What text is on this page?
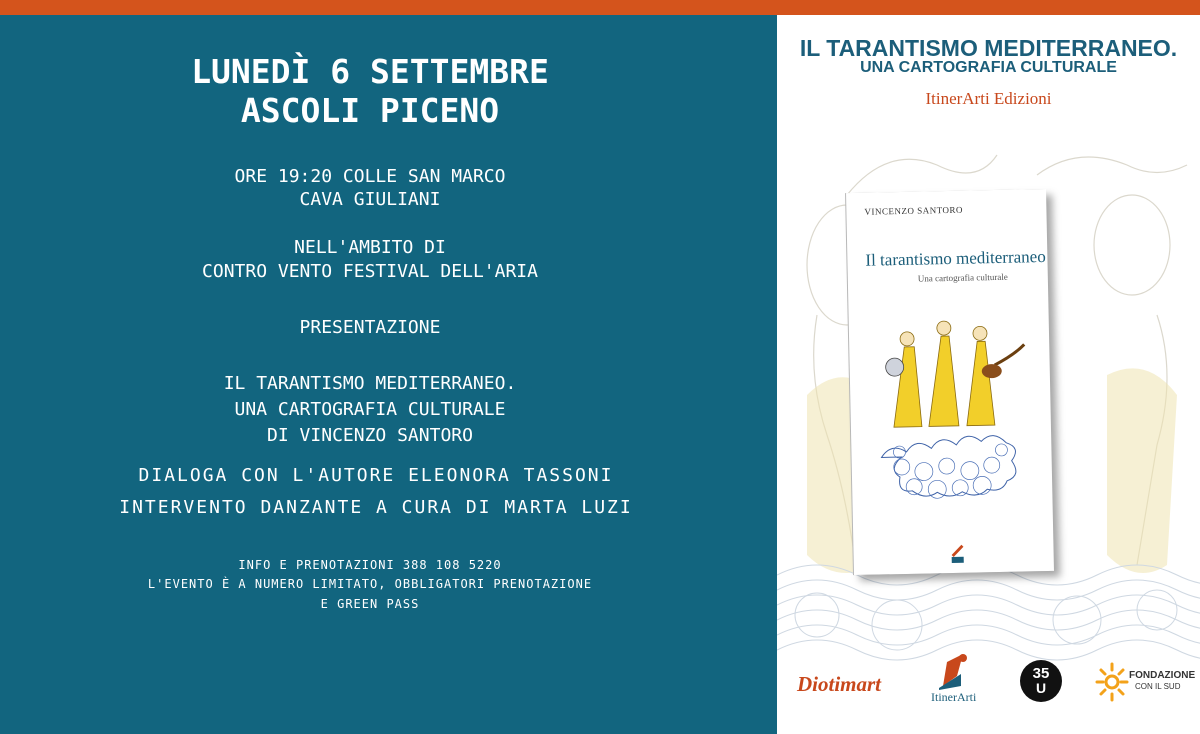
LUNEDÌ 6 SETTEMBRE
ASCOLI PICENO
ORE 19:20 COLLE SAN MARCO
CAVA GIULIANI
NELL'AMBITO DI
CONTRO VENTO FESTIVAL DELL'ARIA
PRESENTAZIONE
IL TARANTISMO MEDITERRANEO.
UNA CARTOGRAFIA CULTURALE
DI VINCENZO SANTORO
DIALOGA CON L'AUTORE ELEONORA TASSONI
INTERVENTO DANZANTE A CURA DI MARTA LUZI
INFO E PRENOTAZIONI 388 108 5220
L'EVENTO È A NUMERO LIMITATO, OBBLIGATORI PRENOTAZIONE
E GREEN PASS
IL TARANTISMO MEDITERRANEO.
UNA CARTOGRAFIA CULTURALE
ItinerArti Edizioni
VINCENZO SANTORO
Il tarantismo mediterraneo
Una cartografia culturale
Diotimart
ItinerArti
35
U
FONDAZIONE
CON IL SUD
